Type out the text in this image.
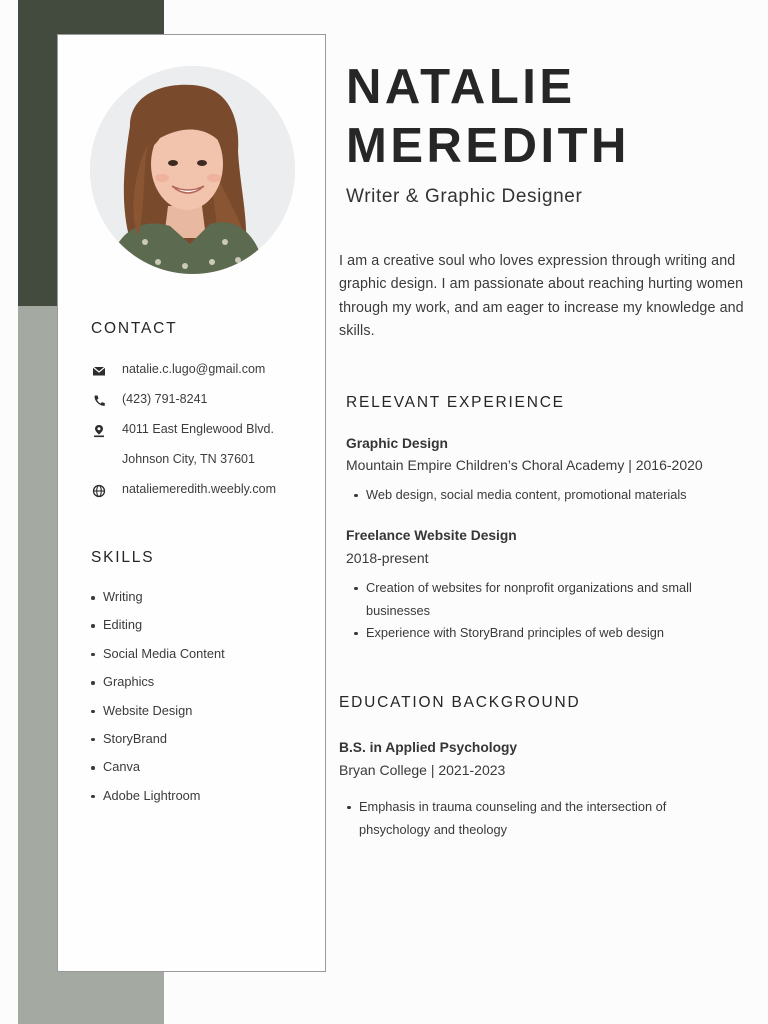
CONTACT
natalie.c.lugo@gmail.com
(423) 791-8241
4011 East Englewood Blvd.
Johnson City, TN 37601
nataliemeredith.weebly.com
SKILLS
Writing
Editing
Social Media Content
Graphics
Website Design
StoryBrand
Canva
Adobe Lightroom
NATALIE
MEREDITH
Writer & Graphic Designer
I am a creative soul who loves expression through writing and graphic design. I am passionate about reaching hurting women through my work, and am eager to increase my knowledge and skills.
RELEVANT EXPERIENCE
Graphic Design
Mountain Empire Children’s Choral Academy | 2016-2020
Web design, social media content, promotional materials
Freelance Website Design
2018-present
Creation of websites for nonprofit organizations and small businesses
Experience with StoryBrand principles of web design
EDUCATION BACKGROUND
B.S. in Applied Psychology
Bryan College | 2021-2023
Emphasis in trauma counseling and the intersection of phsychology and theology
